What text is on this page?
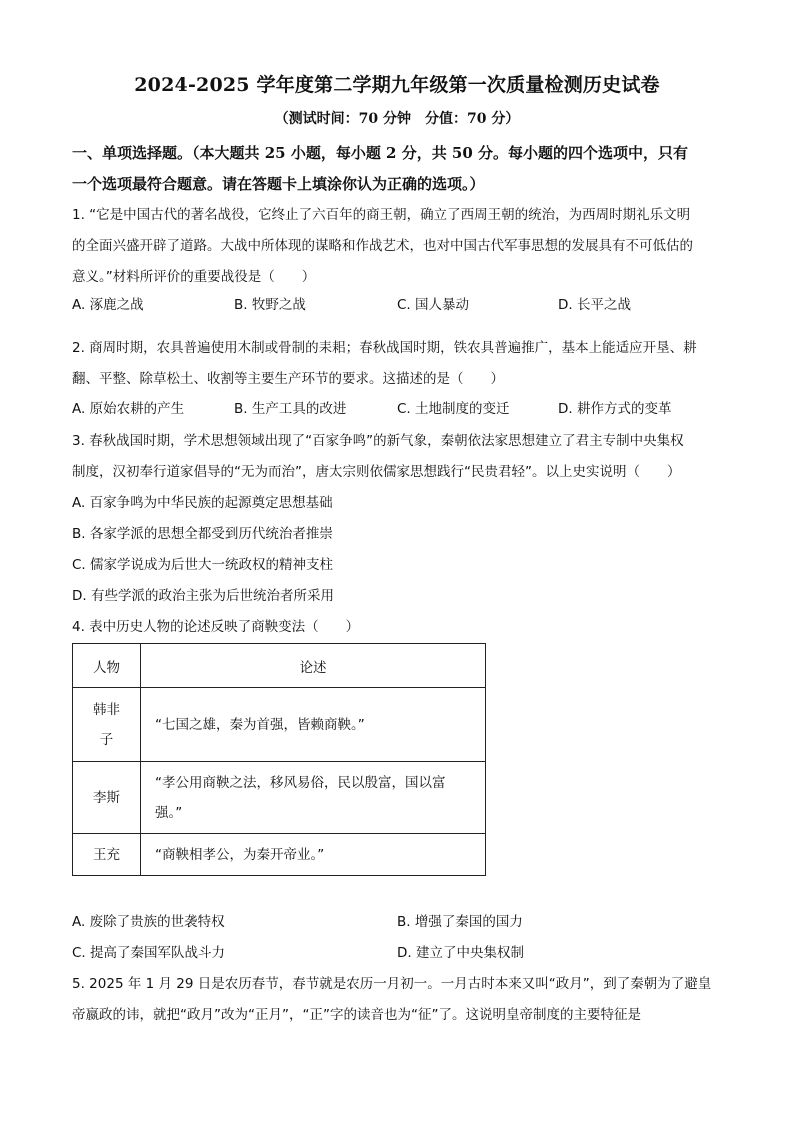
2024-2025 学年度第二学期九年级第一次质量检测历史试卷
（测试时间：70 分钟　分值：70 分）
一、单项选择题。（本大题共 25 小题，每小题 2 分，共 50 分。每小题的四个选项中，只有
一个选项最符合题意。请在答题卡上填涂你认为正确的选项。）
1. “它是中国古代的著名战役，它终止了六百年的商王朝，确立了西周王朝的统治，为西周时期礼乐文明
的全面兴盛开辟了道路。大战中所体现的谋略和作战艺术，也对中国古代军事思想的发展具有不可低估的
意义。”材料所评价的重要战役是（　　）
A. 涿鹿之战	B. 牧野之战	C. 国人暴动	D. 长平之战
2. 商周时期，农具普遍使用木制或骨制的耒耜；春秋战国时期，铁农具普遍推广，基本上能适应开垦、耕
翻、平整、除草松土、收割等主要生产环节的要求。这描述的是（　　）
A. 原始农耕的产生	B. 生产工具的改进	C. 土地制度的变迁	D. 耕作方式的变革
3. 春秋战国时期，学术思想领域出现了“百家争鸣”的新气象，秦朝依法家思想建立了君主专制中央集权
制度，汉初奉行道家倡导的“无为而治”，唐太宗则依儒家思想践行“民贵君轻”。以上史实说明（　　）
A. 百家争鸣为中华民族的起源奠定思想基础
B. 各家学派的思想全都受到历代统治者推崇
C. 儒家学说成为后世大一统政权的精神支柱
D. 有些学派的政治主张为后世统治者所采用
4. 表中历史人物的论述反映了商鞅变法（　　）
人物	论述

韩非
子	“七国之雄，秦为首强，皆赖商鞅。”

李斯	“孝公用商鞅之法，移风易俗，民以殷富，国以富
强。”

王充	“商鞅相孝公，为秦开帝业。”
A. 废除了贵族的世袭特权	B. 增强了秦国的国力
C. 提高了秦国军队战斗力	D. 建立了中央集权制
5. 2025 年 1 月 29 日是农历春节，春节就是农历一月初一。一月古时本来又叫“政月”，到了秦朝为了避皇
帝嬴政的讳，就把“政月”改为“正月”，“正”字的读音也为“征”了。这说明皇帝制度的主要特征是
